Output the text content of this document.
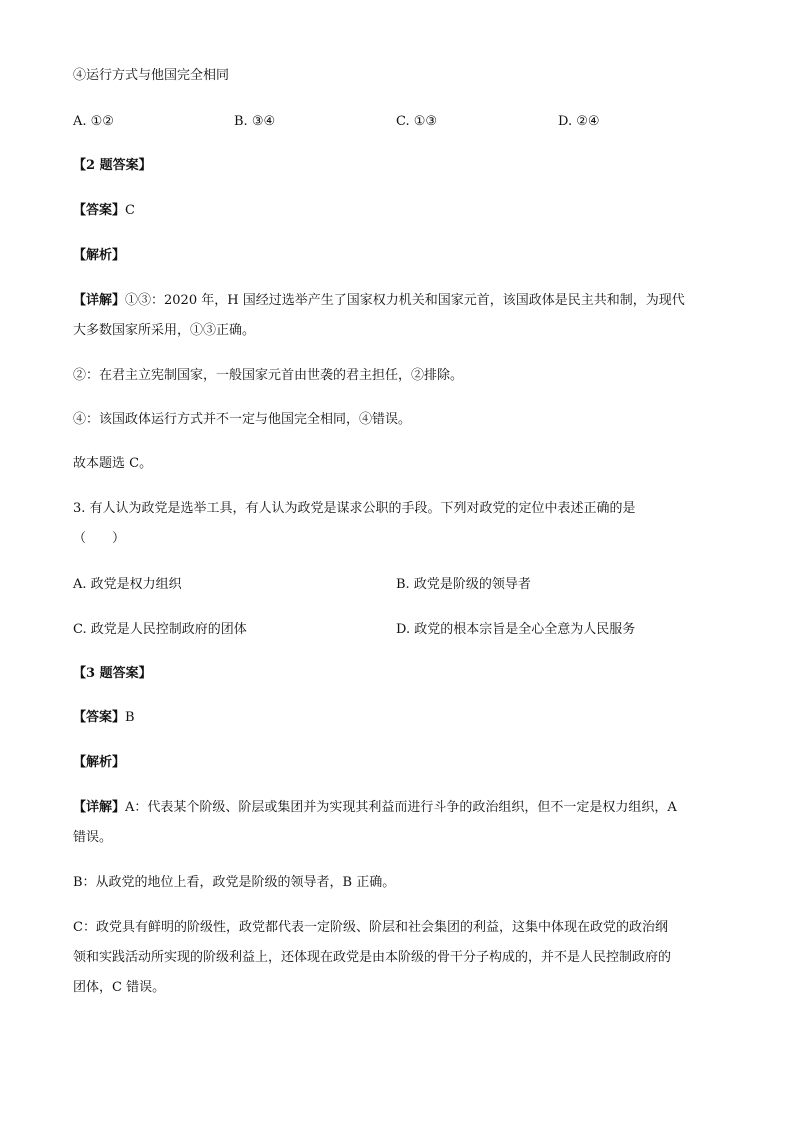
④运行方式与他国完全相同
A. ①②	B. ③④	C. ①③	D. ②④
【2 题答案】
【答案】C
【解析】
【详解】①③：2020 年，H 国经过选举产生了国家权力机关和国家元首，该国政体是民主共和制，为现代
大多数国家所采用，①③正确。
②：在君主立宪制国家，一般国家元首由世袭的君主担任，②排除。
④：该国政体运行方式并不一定与他国完全相同，④错误。
故本题选 C。
3. 有人认为政党是选举工具，有人认为政党是谋求公职的手段。下列对政党的定位中表述正确的是
（　　）
A. 政党是权力组织	B. 政党是阶级的领导者
C. 政党是人民控制政府的团体	D. 政党的根本宗旨是全心全意为人民服务
【3 题答案】
【答案】B
【解析】
【详解】A：代表某个阶级、阶层或集团并为实现其利益而进行斗争的政治组织，但不一定是权力组织，A
错误。
B：从政党的地位上看，政党是阶级的领导者，B 正确。
C：政党具有鲜明的阶级性，政党都代表一定阶级、阶层和社会集团的利益，这集中体现在政党的政治纲
领和实践活动所实现的阶级利益上，还体现在政党是由本阶级的骨干分子构成的，并不是人民控制政府的
团体，C 错误。
